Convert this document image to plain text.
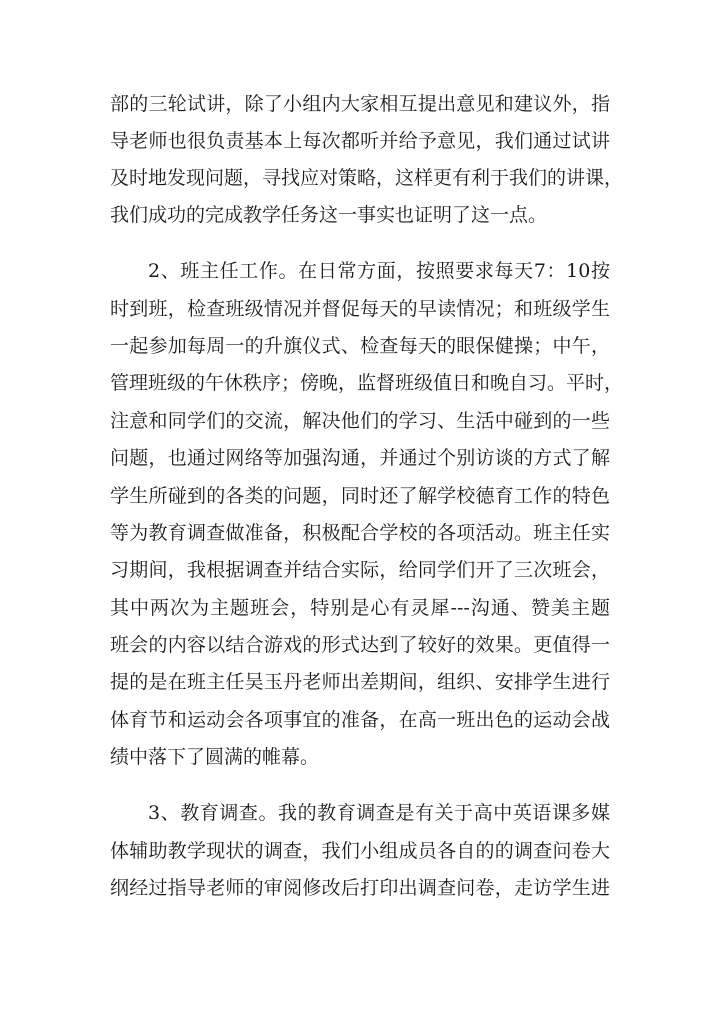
部的三轮试讲，除了小组内大家相互提出意见和建议外，指
导老师也很负责基本上每次都听并给予意见，我们通过试讲
及时地发现问题，寻找应对策略，这样更有利于我们的讲课，
我们成功的完成教学任务这一事实也证明了这一点。
2、班主任工作。在日常方面，按照要求每天7：10按
时到班，检查班级情况并督促每天的早读情况；和班级学生
一起参加每周一的升旗仪式、检查每天的眼保健操；中午，
管理班级的午休秩序；傍晚，监督班级值日和晚自习。平时，
注意和同学们的交流，解决他们的学习、生活中碰到的一些
问题，也通过网络等加强沟通，并通过个别访谈的方式了解
学生所碰到的各类的问题，同时还了解学校德育工作的特色
等为教育调查做准备，积极配合学校的各项活动。班主任实
习期间，我根据调查并结合实际，给同学们开了三次班会，
其中两次为主题班会，特别是心有灵犀---沟通、赞美主题
班会的内容以结合游戏的形式达到了较好的效果。更值得一
提的是在班主任吴玉丹老师出差期间，组织、安排学生进行
体育节和运动会各项事宜的准备，在高一班出色的运动会战
绩中落下了圆满的帷幕。
3、教育调查。我的教育调查是有关于高中英语课多媒
体辅助教学现状的调查，我们小组成员各自的的调查问卷大
纲经过指导老师的审阅修改后打印出调查问卷，走访学生进
